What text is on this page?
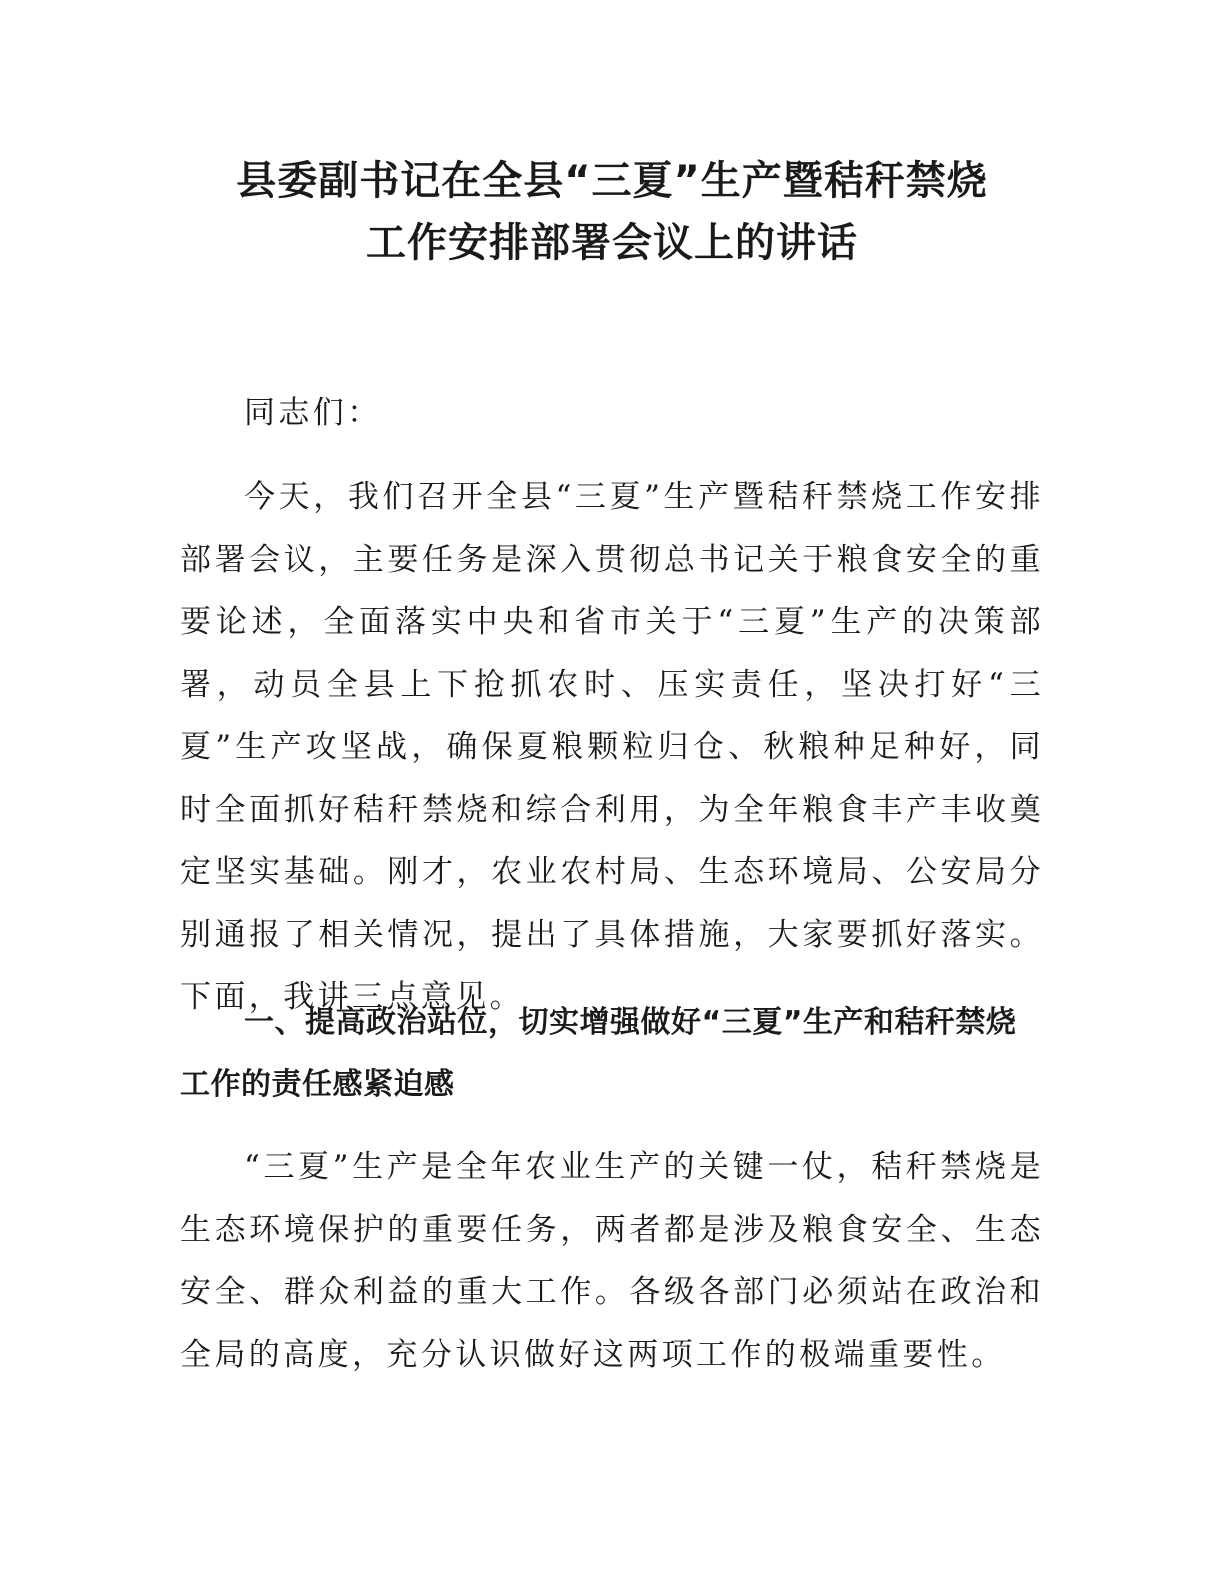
县委副书记在全县“三夏”生产暨秸秆禁烧
工作安排部署会议上的讲话

同志们：

今天，我们召开全县“三夏”生产暨秸秆禁烧工作安排部署会议，主要任务是深入贯彻总书记关于粮食安全的重要论述，全面落实中央和省市关于“三夏”生产的决策部署，动员全县上下抢抓农时、压实责任，坚决打好“三夏”生产攻坚战，确保夏粮颗粒归仓、秋粮种足种好，同时全面抓好秸秆禁烧和综合利用，为全年粮食丰产丰收奠定坚实基础。刚才，农业农村局、生态环境局、公安局分别通报了相关情况，提出了具体措施，大家要抓好落实。下面，我讲三点意见。

一、提高政治站位，切实增强做好“三夏”生产和秸秆禁烧工作的责任感紧迫感

“三夏”生产是全年农业生产的关键一仗，秸秆禁烧是生态环境保护的重要任务，两者都是涉及粮食安全、生态安全、群众利益的重大工作。各级各部门必须站在政治和全局的高度，充分认识做好这两项工作的极端重要性。
